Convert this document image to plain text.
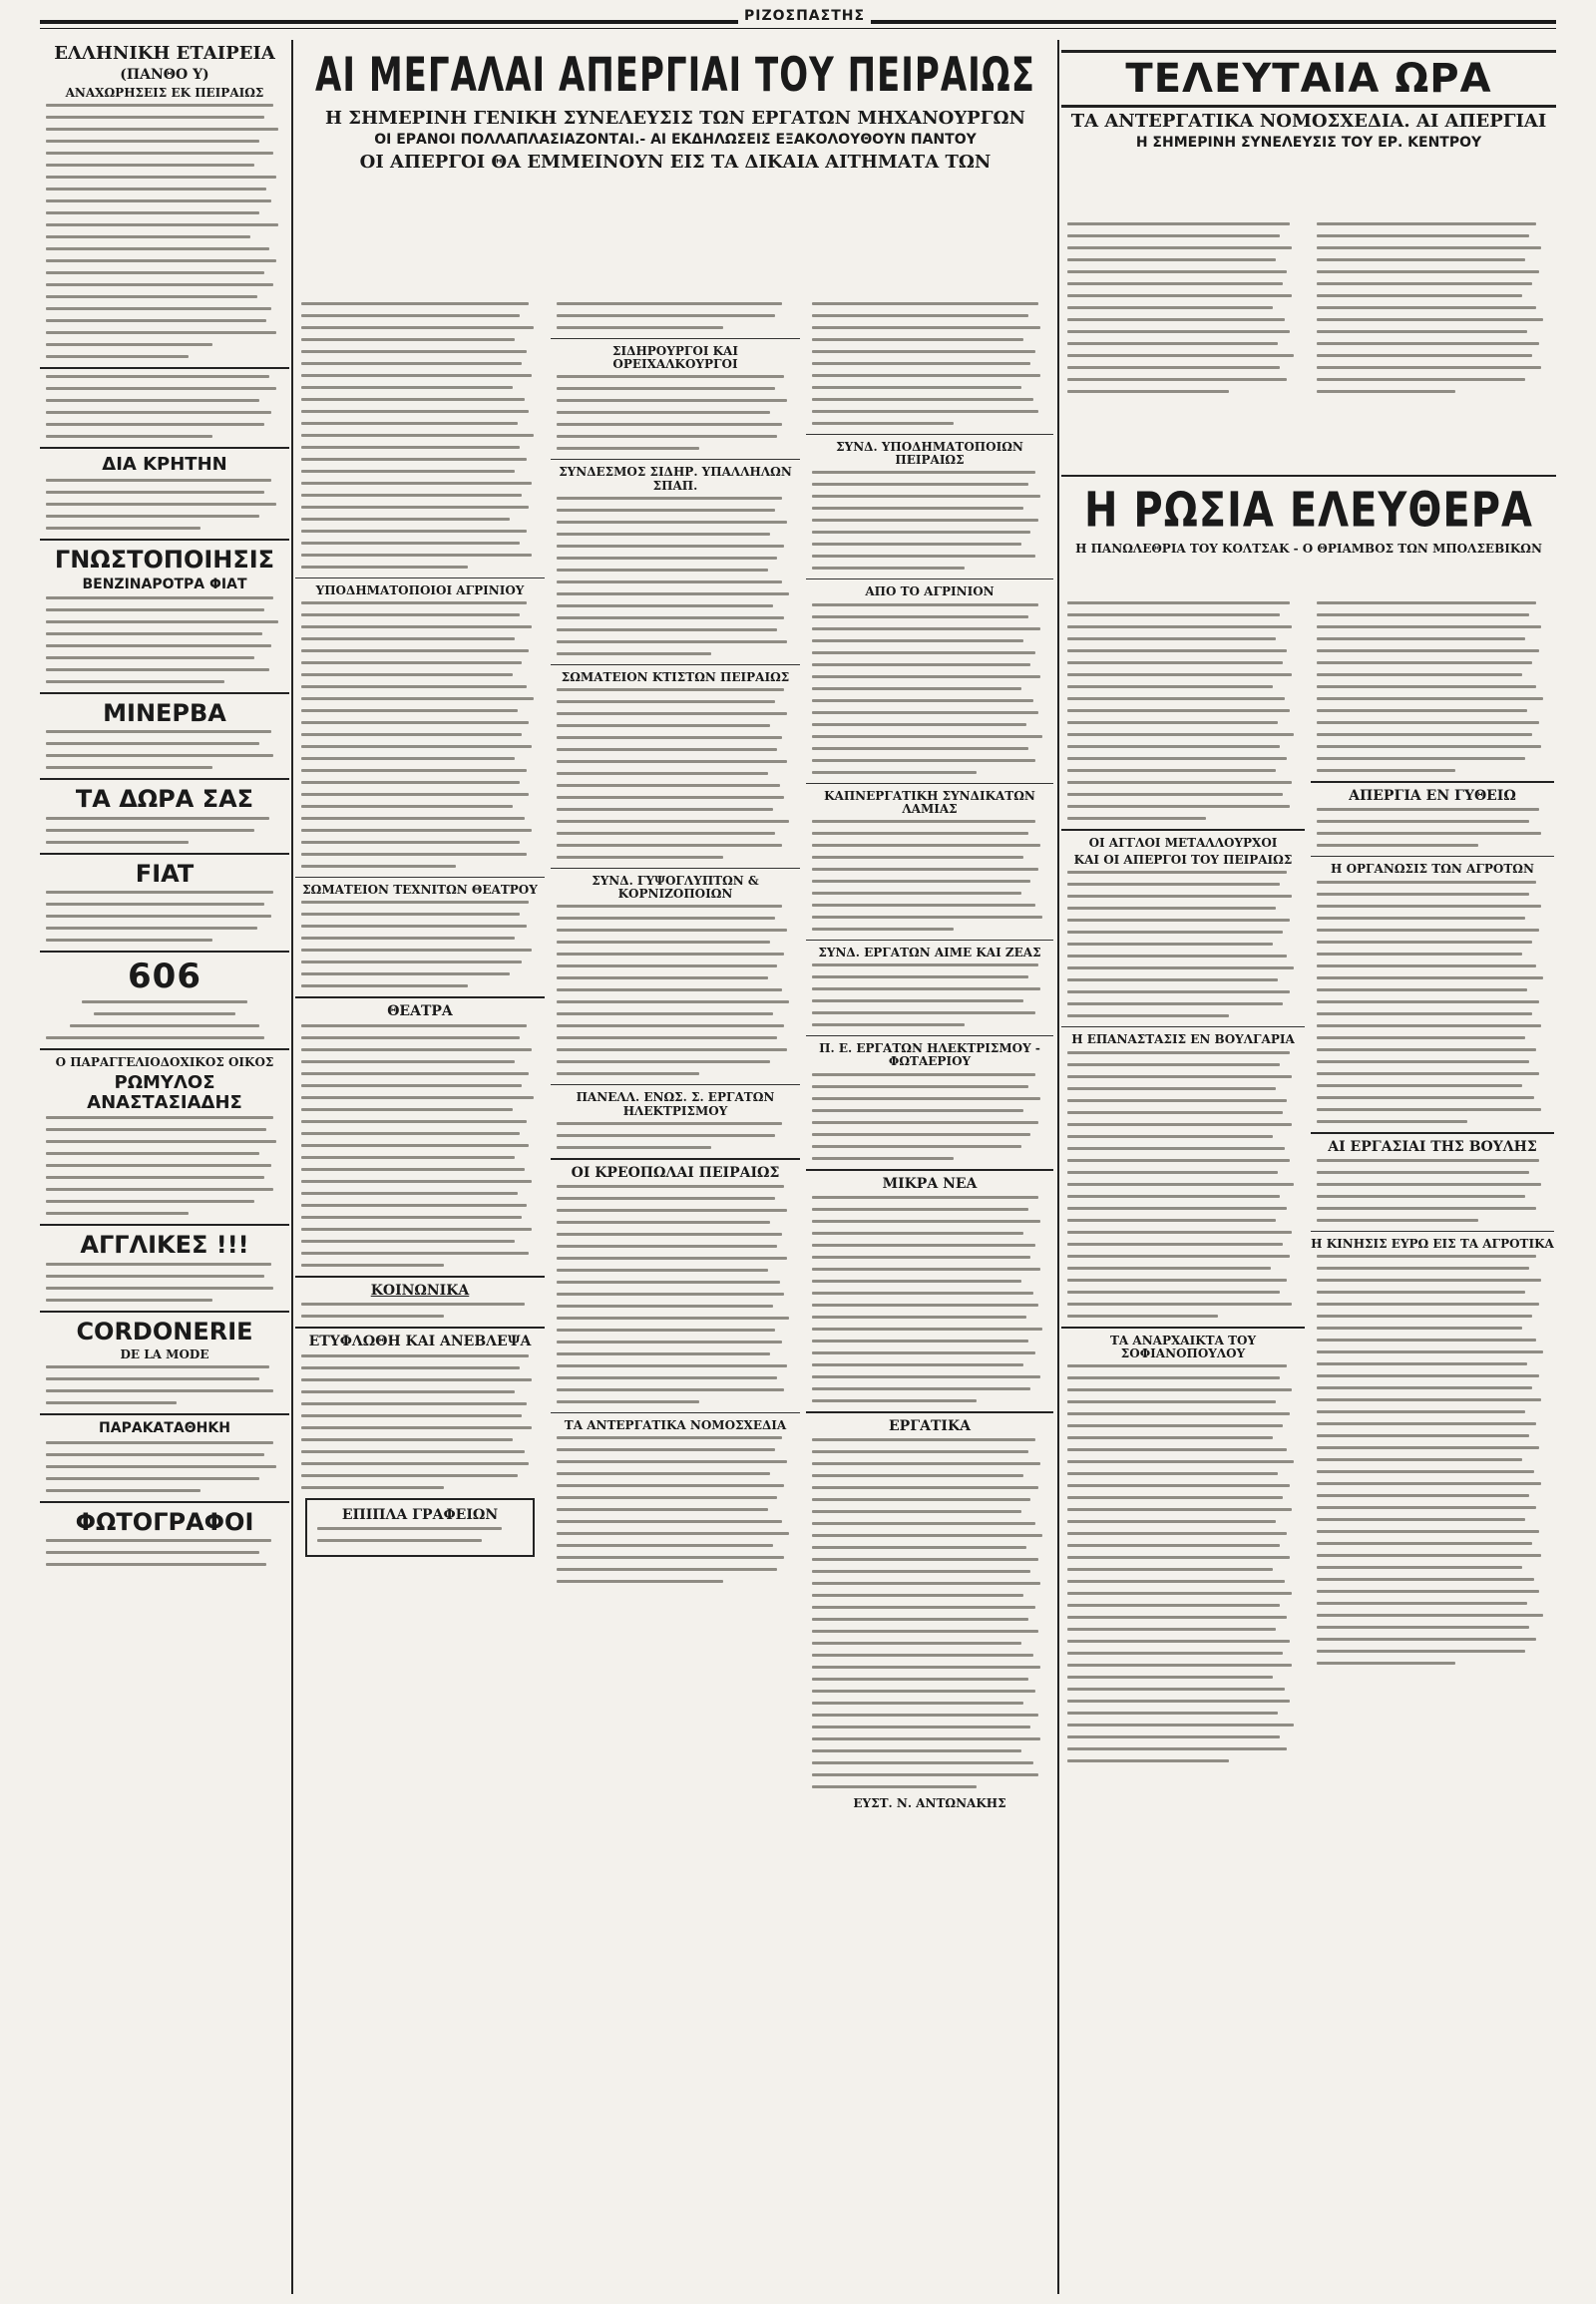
ΡΙΖΟΣΠΑΣΤΗΣ
ΕΛΛΗΝΙΚΗ ΕΤΑΙΡΕΙΑ
(ΠΑΝΘΟ Υ)
ΑΝΑΧΩΡΗΣΕΙΣ ΕΚ ΠΕΙΡΑΙΩΣ
ΔΙΑ ΚΡΗΤΗΝ
ΓΝΩΣΤΟΠΟΙΗΣΙΣ
ΒΕΝΖΙΝΑΡΟΤΡΑ ΦΙΑΤ
ΜΙΝΕΡΒΑ
ΤΑ ΔΩΡΑ ΣΑΣ
FIAT
606
Ο ΠΑΡΑΓΓΕΛΙΟΔΟΧΙΚΟΣ ΟΙΚΟΣ
ΡΩΜΥΛΟΣ ΑΝΑΣΤΑΣΙΑΔΗΣ
ΑΓΓΛΙΚΕΣ !!!
CORDONERIE
DE LA MODE
ΠΑΡΑΚΑΤΑΘΗΚΗ
ΦΩΤΟΓΡΑΦΟΙ
ΑΙ ΜΕΓΑΛΑΙ ΑΠΕΡΓΙΑΙ ΤΟΥ ΠΕΙΡΑΙΩΣ
Η ΣΗΜΕΡΙΝΗ ΓΕΝΙΚΗ ΣΥΝΕΛΕΥΣΙΣ ΤΩΝ ΕΡΓΑΤΩΝ ΜΗΧΑΝΟΥΡΓΩΝ
ΟΙ ΕΡΑΝΟΙ ΠΟΛΛΑΠΛΑΣΙΑΖΟΝΤΑΙ.- ΑΙ ΕΚΔΗΛΩΣΕΙΣ ΕΞΑΚΟΛΟΥΘΟΥΝ ΠΑΝΤΟΥ
ΟΙ ΑΠΕΡΓΟΙ ΘΑ ΕΜΜΕΙΝΟΥΝ ΕΙΣ ΤΑ ΔΙΚΑΙΑ ΑΙΤΗΜΑΤΑ ΤΩΝ
ΥΠΟΔΗΜΑΤΟΠΟΙΟΙ ΑΓΡΙΝΙΟΥ
ΣΩΜΑΤΕΙΟΝ ΤΕΧΝΙΤΩΝ ΘΕΑΤΡΟΥ
ΘΕΑΤΡΑ
ΚΟΙΝΩΝΙΚΑ
ΕΤΥΦΛΩΘΗ ΚΑΙ ΑΝΕΒΛΕΨΑ
ΕΠΙΠΛΑ ΓΡΑΦΕΙΩΝ
ΣΙΔΗΡΟΥΡΓΟΙ ΚΑΙ ΟΡΕΙΧΑΛΚΟΥΡΓΟΙ
ΣΥΝΔΕΣΜΟΣ ΣΙΔΗΡ. ΥΠΑΛΛΗΛΩΝ ΣΠΑΠ.
ΣΩΜΑΤΕΙΟΝ ΚΤΙΣΤΩΝ ΠΕΙΡΑΙΩΣ
ΣΥΝΔ. ΓΥΨΟΓΛΥΠΤΩΝ & ΚΟΡΝΙΖΟΠΟΙΩΝ
ΠΑΝΕΛΛ. ΕΝΩΣ. Σ. ΕΡΓΑΤΩΝ ΗΛΕΚΤΡΙΣΜΟΥ
ΟΙ ΚΡΕΟΠΩΛΑΙ ΠΕΙΡΑΙΩΣ
ΤΑ ΑΝΤΕΡΓΑΤΙΚΑ ΝΟΜΟΣΧΕΔΙΑ
ΣΥΝΔ. ΥΠΟΔΗΜΑΤΟΠΟΙΩΝ ΠΕΙΡΑΙΩΣ
ΑΠΟ ΤΟ ΑΓΡΙΝΙΟΝ
ΚΑΠΝΕΡΓΑΤΙΚΗ ΣΥΝΔΙΚΑΤΩΝ ΛΑΜΙΑΣ
ΣΥΝΔ. ΕΡΓΑΤΩΝ ΑΙΜΕ ΚΑΙ ΖΕΑΣ
Π. Ε. ΕΡΓΑΤΩΝ ΗΛΕΚΤΡΙΣΜΟΥ - ΦΩΤΑΕΡΙΟΥ
ΜΙΚΡΑ ΝΕΑ
ΕΡΓΑΤΙΚΑ
ΕΥΣΤ. Ν. ΑΝΤΩΝΑΚΗΣ
ΤΕΛΕΥΤΑΙΑ ΩΡΑ
ΤΑ ΑΝΤΕΡΓΑΤΙΚΑ ΝΟΜΟΣΧΕΔΙΑ. ΑΙ ΑΠΕΡΓΙΑΙ
Η ΣΗΜΕΡΙΝΗ ΣΥΝΕΛΕΥΣΙΣ ΤΟΥ ΕΡ. ΚΕΝΤΡΟΥ
Η ΡΩΣΙΑ ΕΛΕΥΘΕΡΑ
Η ΠΑΝΩΛΕΘΡΙΑ ΤΟΥ ΚΟΛΤΣΑΚ - Ο ΘΡΙΑΜΒΟΣ ΤΩΝ ΜΠΟΛΣΕΒΙΚΩΝ
ΟΙ ΑΓΓΛΟΙ ΜΕΤΑΛΛΟΥΡΧΟΙ
ΚΑΙ ΟΙ ΑΠΕΡΓΟΙ ΤΟΥ ΠΕΙΡΑΙΩΣ
Η ΕΠΑΝΑΣΤΑΣΙΣ ΕΝ ΒΟΥΛΓΑΡΙΑ
ΤΑ ΑΝΑΡΧΑΙΚΤΑ ΤΟΥ ΣΟΦΙΑΝΟΠΟΥΛΟΥ
ΑΠΕΡΓΙΑ ΕΝ ΓΥΘΕΙΩ
Η ΟΡΓΑΝΩΣΙΣ ΤΩΝ ΑΓΡΟΤΩΝ
ΑΙ ΕΡΓΑΣΙΑΙ ΤΗΣ ΒΟΥΛΗΣ
Η ΚΙΝΗΣΙΣ ΕΥΡΩ ΕΙΣ ΤΑ ΑΓΡΟΤΙΚΑ
